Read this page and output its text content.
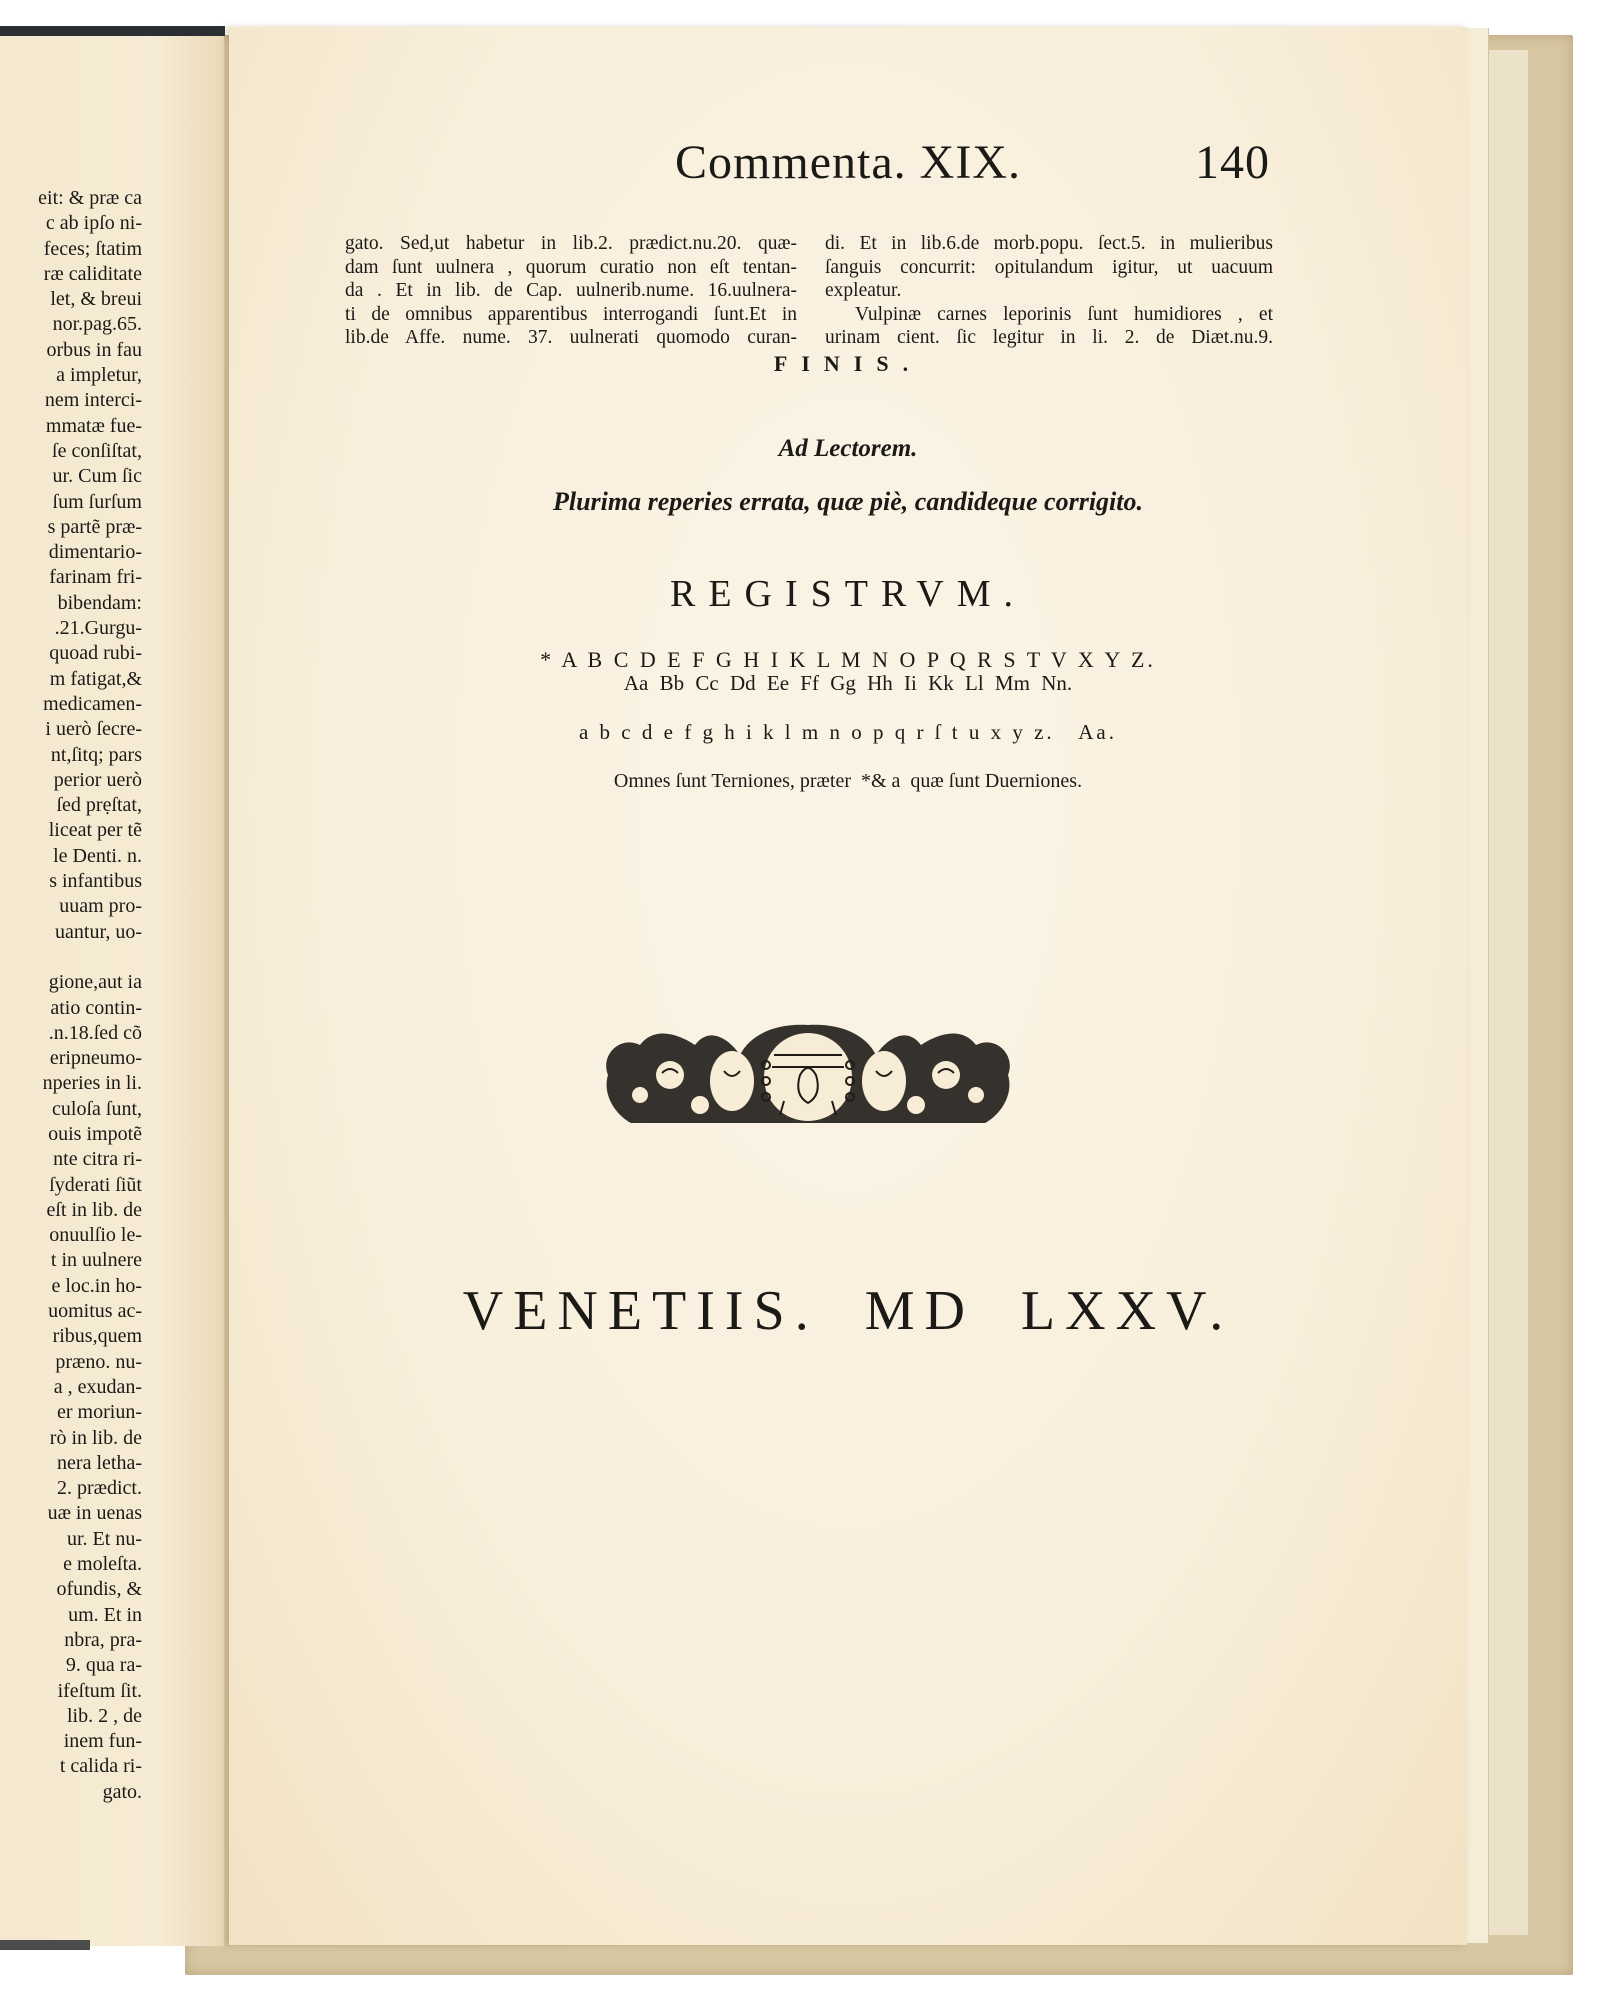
eit: & præ ca
c ab ipſo ni-
feces; ſtatim
ræ caliditate
let, & breui
nor.pag.65.
orbus in fau
a impletur,
nem interci-
mmatæ fue-
ſe conſiſtat,
ur. Cum ſic
ſum ſurſum
s partẽ præ-
dimentario-
farinam fri-
bibendam:
.21.Gurgu-
quoad rubi-
m fatigat,&
medicamen-
i uerò ſecre-
nt,ſitq; pars
perior uerò
ſed prẹſtat,
liceat per tẽ
le Denti. n.
s infantibus
uuam pro-
uantur, uo-
gione,aut ia
atio contin-
.n.18.ſed cõ
eripneumo-
nperies in li.
culoſa ſunt,
ouis impotẽ
nte citra ri-
ſyderati ſiũt
eſt in lib. de
onuulſio le-
t in uulnere
e loc.in ho-
uomitus ac-
ribus,quem
præno. nu-
a , exudan-
er moriun-
rò in lib. de
nera letha-
2. prædict.
uæ in uenas
ur. Et nu-
e moleſta.
ofundis, &
um. Et in
nbra, pra-
9. qua ra-
ifeſtum ſit.
lib. 2 , de
inem fun-
t calida ri-
gato.
Commenta. XIX.	140
gato. Sed,ut habetur in lib.2. prædict.nu.20. quæ-
dam ſunt uulnera , quorum curatio non eſt tentan-
da . Et in lib. de Cap. uulnerib.nume. 16.uulnera-
ti de omnibus apparentibus interrogandi ſunt.Et in
lib.de Affe. nume. 37. uulnerati quomodo curan-
di. Et in lib.6.de morb.popu. ſect.5. in mulieribus
ſanguis concurrit: opitulandum igitur, ut uacuum
expleatur.
Vulpinæ carnes leporinis ſunt humidiores , et
urinam cient. ſic legitur in li. 2. de Diæt.nu.9.
FINIS.
Ad Lectorem.
Plurima reperies errata, quæ piè, candideque corrigito.
REGISTRVM.
* A B C D E F G H I K L M N O P Q R S T V X Y Z.
Aa Bb Cc Dd Ee Ff Gg Hh Ii Kk Ll Mm Nn.
a b c d e f g h i k l m n o p q r ſ t u x y z.   Aa.
Omnes ſunt Terniones, præter  *& a  quæ ſunt Duerniones.
VENETIIS. MD LXXV.
